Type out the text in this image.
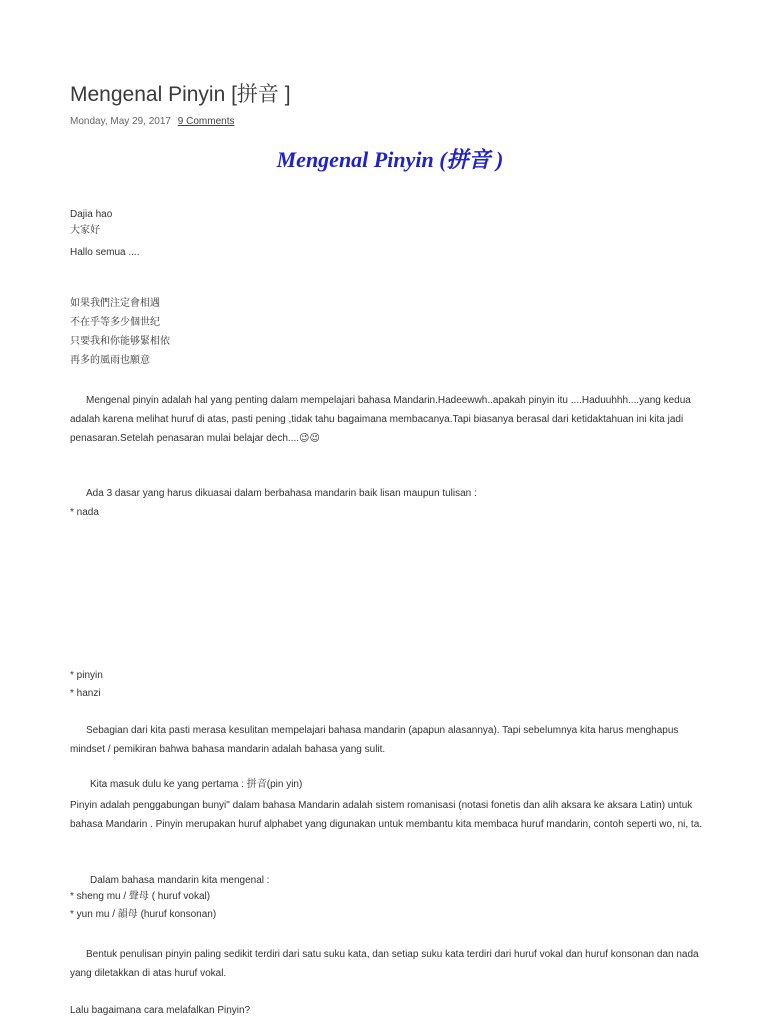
Mengenal Pinyin [拼音 ]
Monday, May 29, 2017 9 Comments
Mengenal Pinyin (拼音 )
Dajia hao
大家好
Hallo semua ....
如果我們注定會相遇
不在乎等多少個世纪
只要我和你能够緊相依
再多的風雨也願意
Mengenal pinyin adalah hal yang penting dalam mempelajari bahasa Mandarin.Hadeewwh..apakah pinyin itu ....Haduuhhh....yang kedua adalah karena melihat huruf di atas, pasti pening ,tidak tahu bagaimana membacanya.Tapi biasanya berasal dari ketidaktahuan ini kita jadi penasaran.Setelah penasaran mulai belajar dech....😉😉
Ada 3 dasar yang harus dikuasai dalam berbahasa mandarin baik lisan maupun tulisan :
* nada
* pinyin
* hanzi
Sebagian dari kita pasti merasa kesulitan mempelajari bahasa mandarin (apapun alasannya). Tapi sebelumnya kita harus menghapus mindset / pemikiran bahwa bahasa mandarin adalah bahasa yang sulit.
Kita masuk dulu ke yang pertama : 拼音(pin yin)
Pinyin adalah penggabungan bunyi" dalam bahasa Mandarin adalah sistem romanisasi (notasi fonetis dan alih aksara ke aksara Latin) untuk bahasa Mandarin . Pinyin merupakan huruf alphabet yang digunakan untuk membantu kita membaca huruf mandarin, contoh seperti wo, ni, ta.
Dalam bahasa mandarin kita mengenal :
* sheng mu / 聲母 ( huruf vokal)
* yun mu / 韻母 (huruf konsonan)
Bentuk penulisan pinyin paling sedikit terdiri dari satu suku kata, dan setiap suku kata terdiri dari huruf vokal dan huruf konsonan dan nada yang diletakkan di atas huruf vokal.
Lalu bagaimana cara melafalkan Pinyin?
